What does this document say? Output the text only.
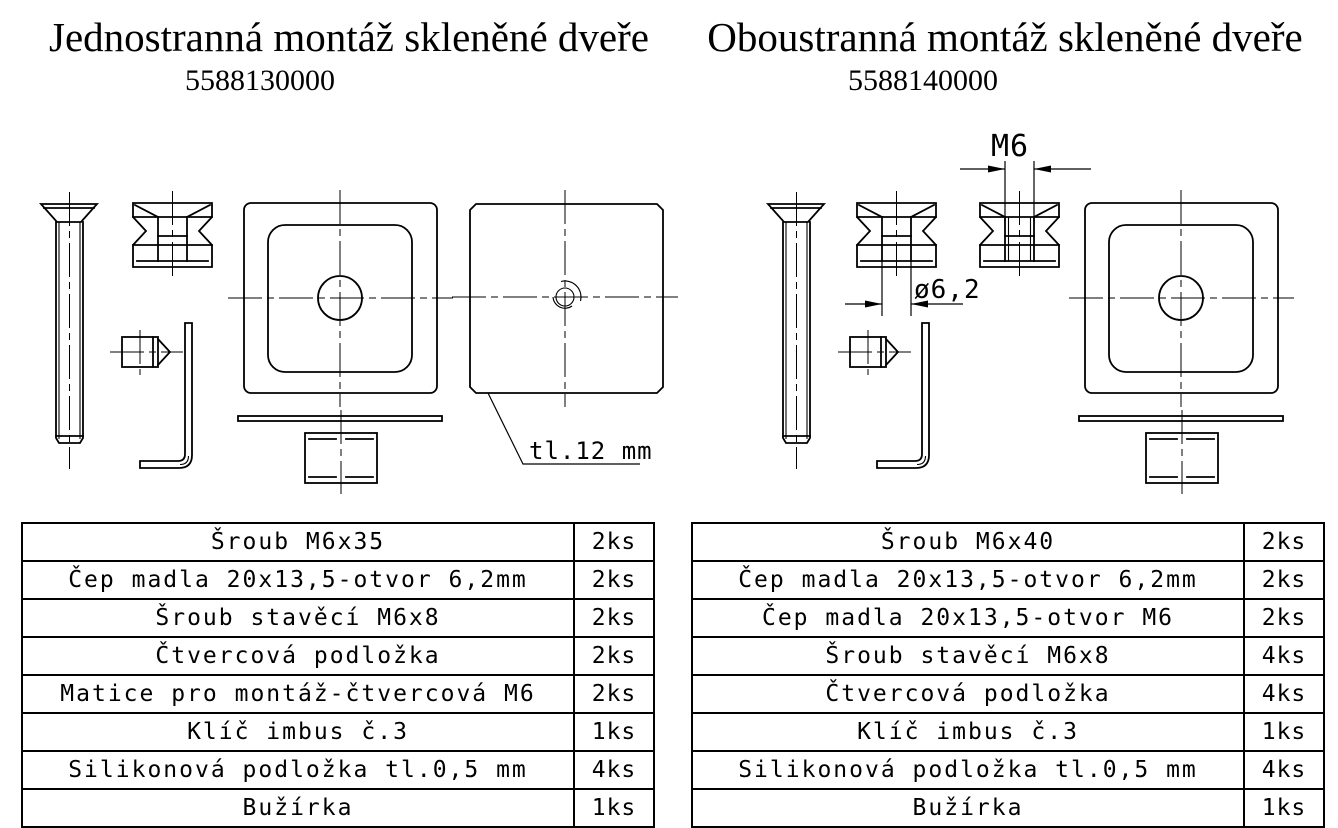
Jednostranná montáž skleněné dveře
5588130000
Oboustranná montáž skleněné dveře
5588140000
tl.12 mm
M6
ø6,2
Šroub M6x35	2ks
Čep madla 20x13,5-otvor 6,2mm	2ks
Šroub stavěcí M6x8	2ks
Čtvercová podložka	2ks
Matice pro montáž-čtvercová M6	2ks
Klíč imbus č.3	1ks
Silikonová podložka tl.0,5 mm	4ks
Bužírka	1ks
Šroub M6x40	2ks
Čep madla 20x13,5-otvor 6,2mm	2ks
Čep madla 20x13,5-otvor M6	2ks
Šroub stavěcí M6x8	4ks
Čtvercová podložka	4ks
Klíč imbus č.3	1ks
Silikonová podložka tl.0,5 mm	4ks
Bužírka	1ks
